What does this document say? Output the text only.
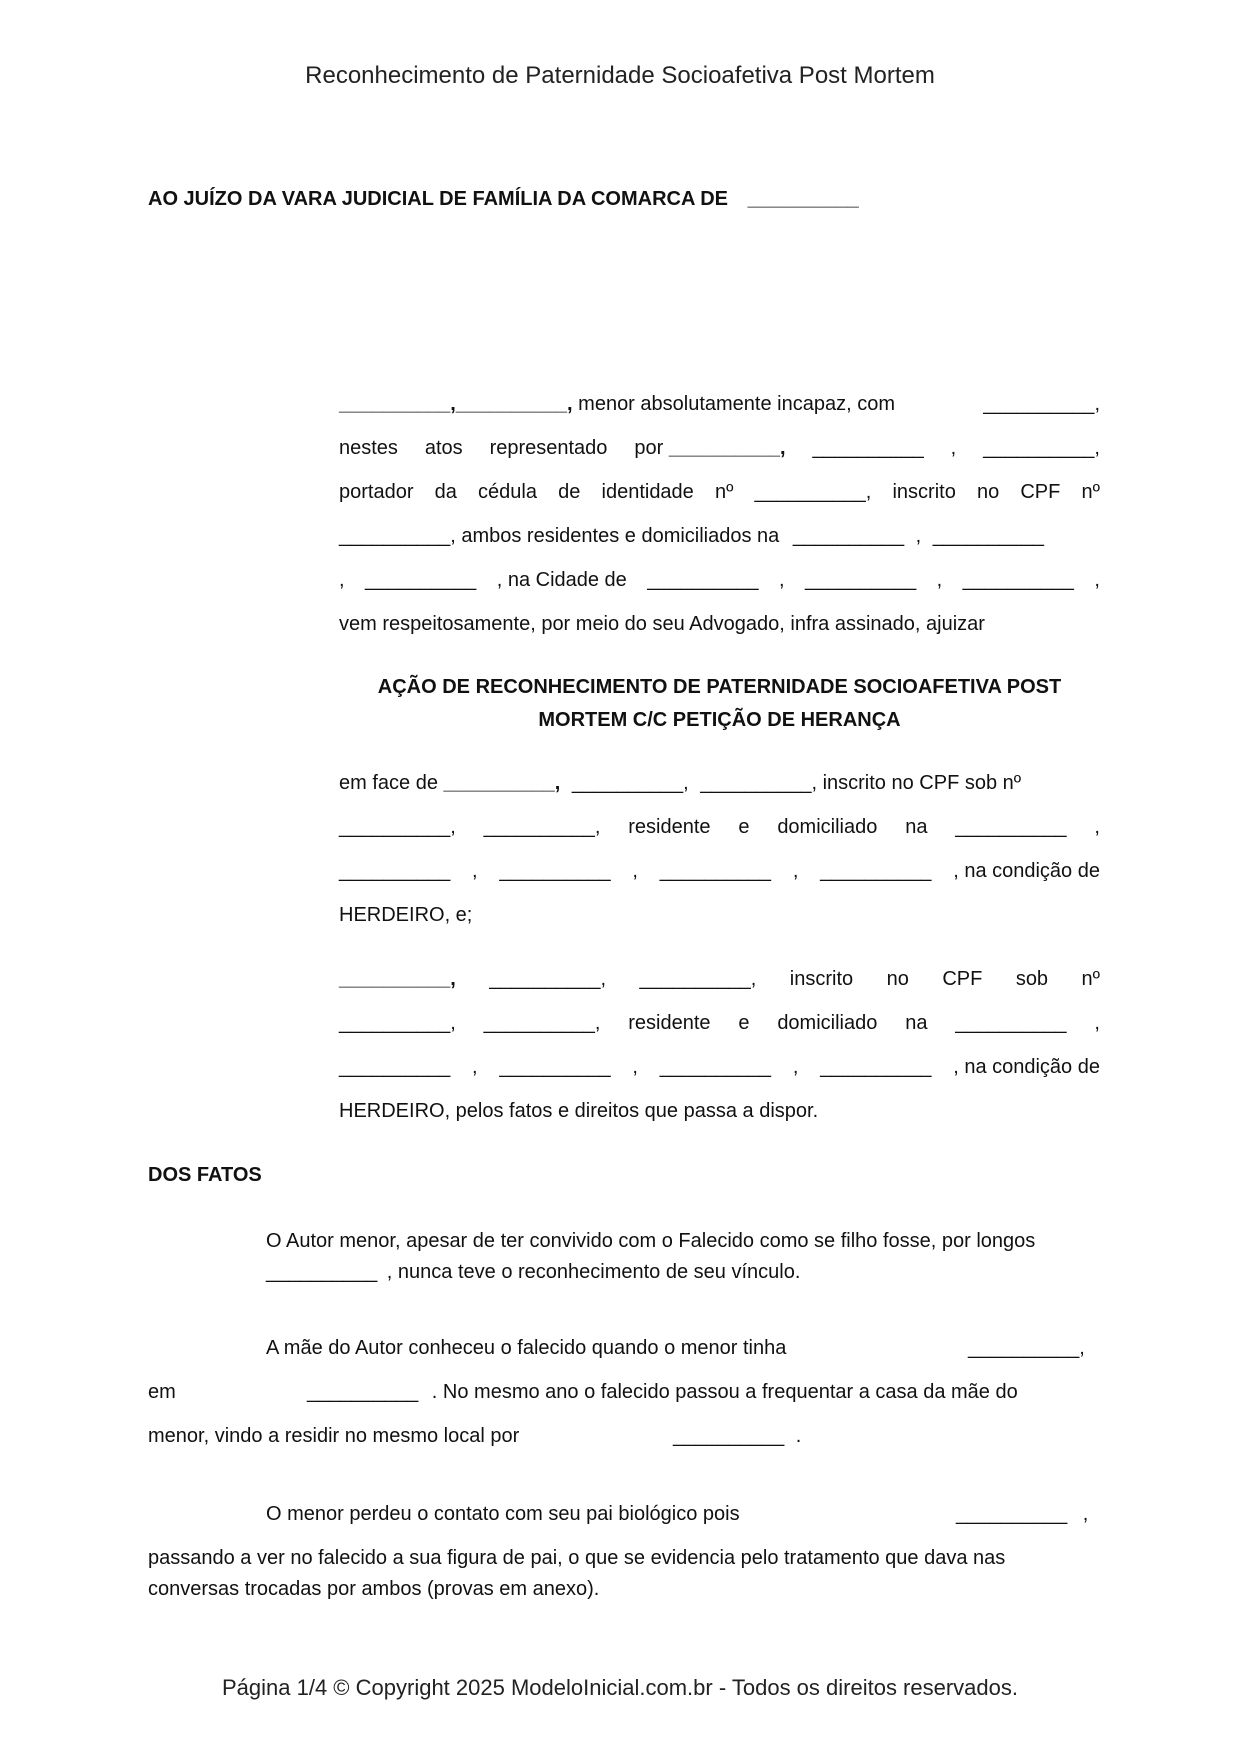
Reconhecimento de Paternidade Socioafetiva Post Mortem
AO JUÍZO DA VARA JUDICIAL DE FAMÍLIA DA COMARCA DE __________
__________,__________, menor absolutamente incapaz, com	__________,
nestes atos representado por __________, __________ , __________,
portador da cédula de identidade nº __________, inscrito no CPF nº
__________, ambos residentes e domiciliados na __________ , __________
, __________ , na Cidade de __________ , __________ , __________ ,
vem respeitosamente, por meio do seu Advogado, infra assinado, ajuizar
AÇÃO DE RECONHECIMENTO DE PATERNIDADE SOCIOAFETIVA POST
MORTEM C/C PETIÇÃO DE HERANÇA
em face de __________, __________, __________, inscrito no CPF sob nº
__________, __________, residente e domiciliado na __________ ,
__________ , __________ , __________ , __________ , na condição de
HERDEIRO, e;
__________, __________, __________, inscrito no CPF sob nº
__________, __________, residente e domiciliado na __________ ,
__________ , __________ , __________ , __________ , na condição de
HERDEIRO, pelos fatos e direitos que passa a dispor.
DOS FATOS
O Autor menor, apesar de ter convivido com o Falecido como se filho fosse, por longos
__________ , nunca teve o reconhecimento de seu vínculo.
A mãe do Autor conheceu o falecido quando o menor tinha	__________,
em	__________ . No mesmo ano o falecido passou a frequentar a casa da mãe do
menor, vindo a residir no mesmo local por	__________ .
O menor perdeu o contato com seu pai biológico pois	__________ ,
passando a ver no falecido a sua figura de pai, o que se evidencia pelo tratamento que dava nas
conversas trocadas por ambos (provas em anexo).
Página 1/4 © Copyright 2025 ModeloInicial.com.br - Todos os direitos reservados.
